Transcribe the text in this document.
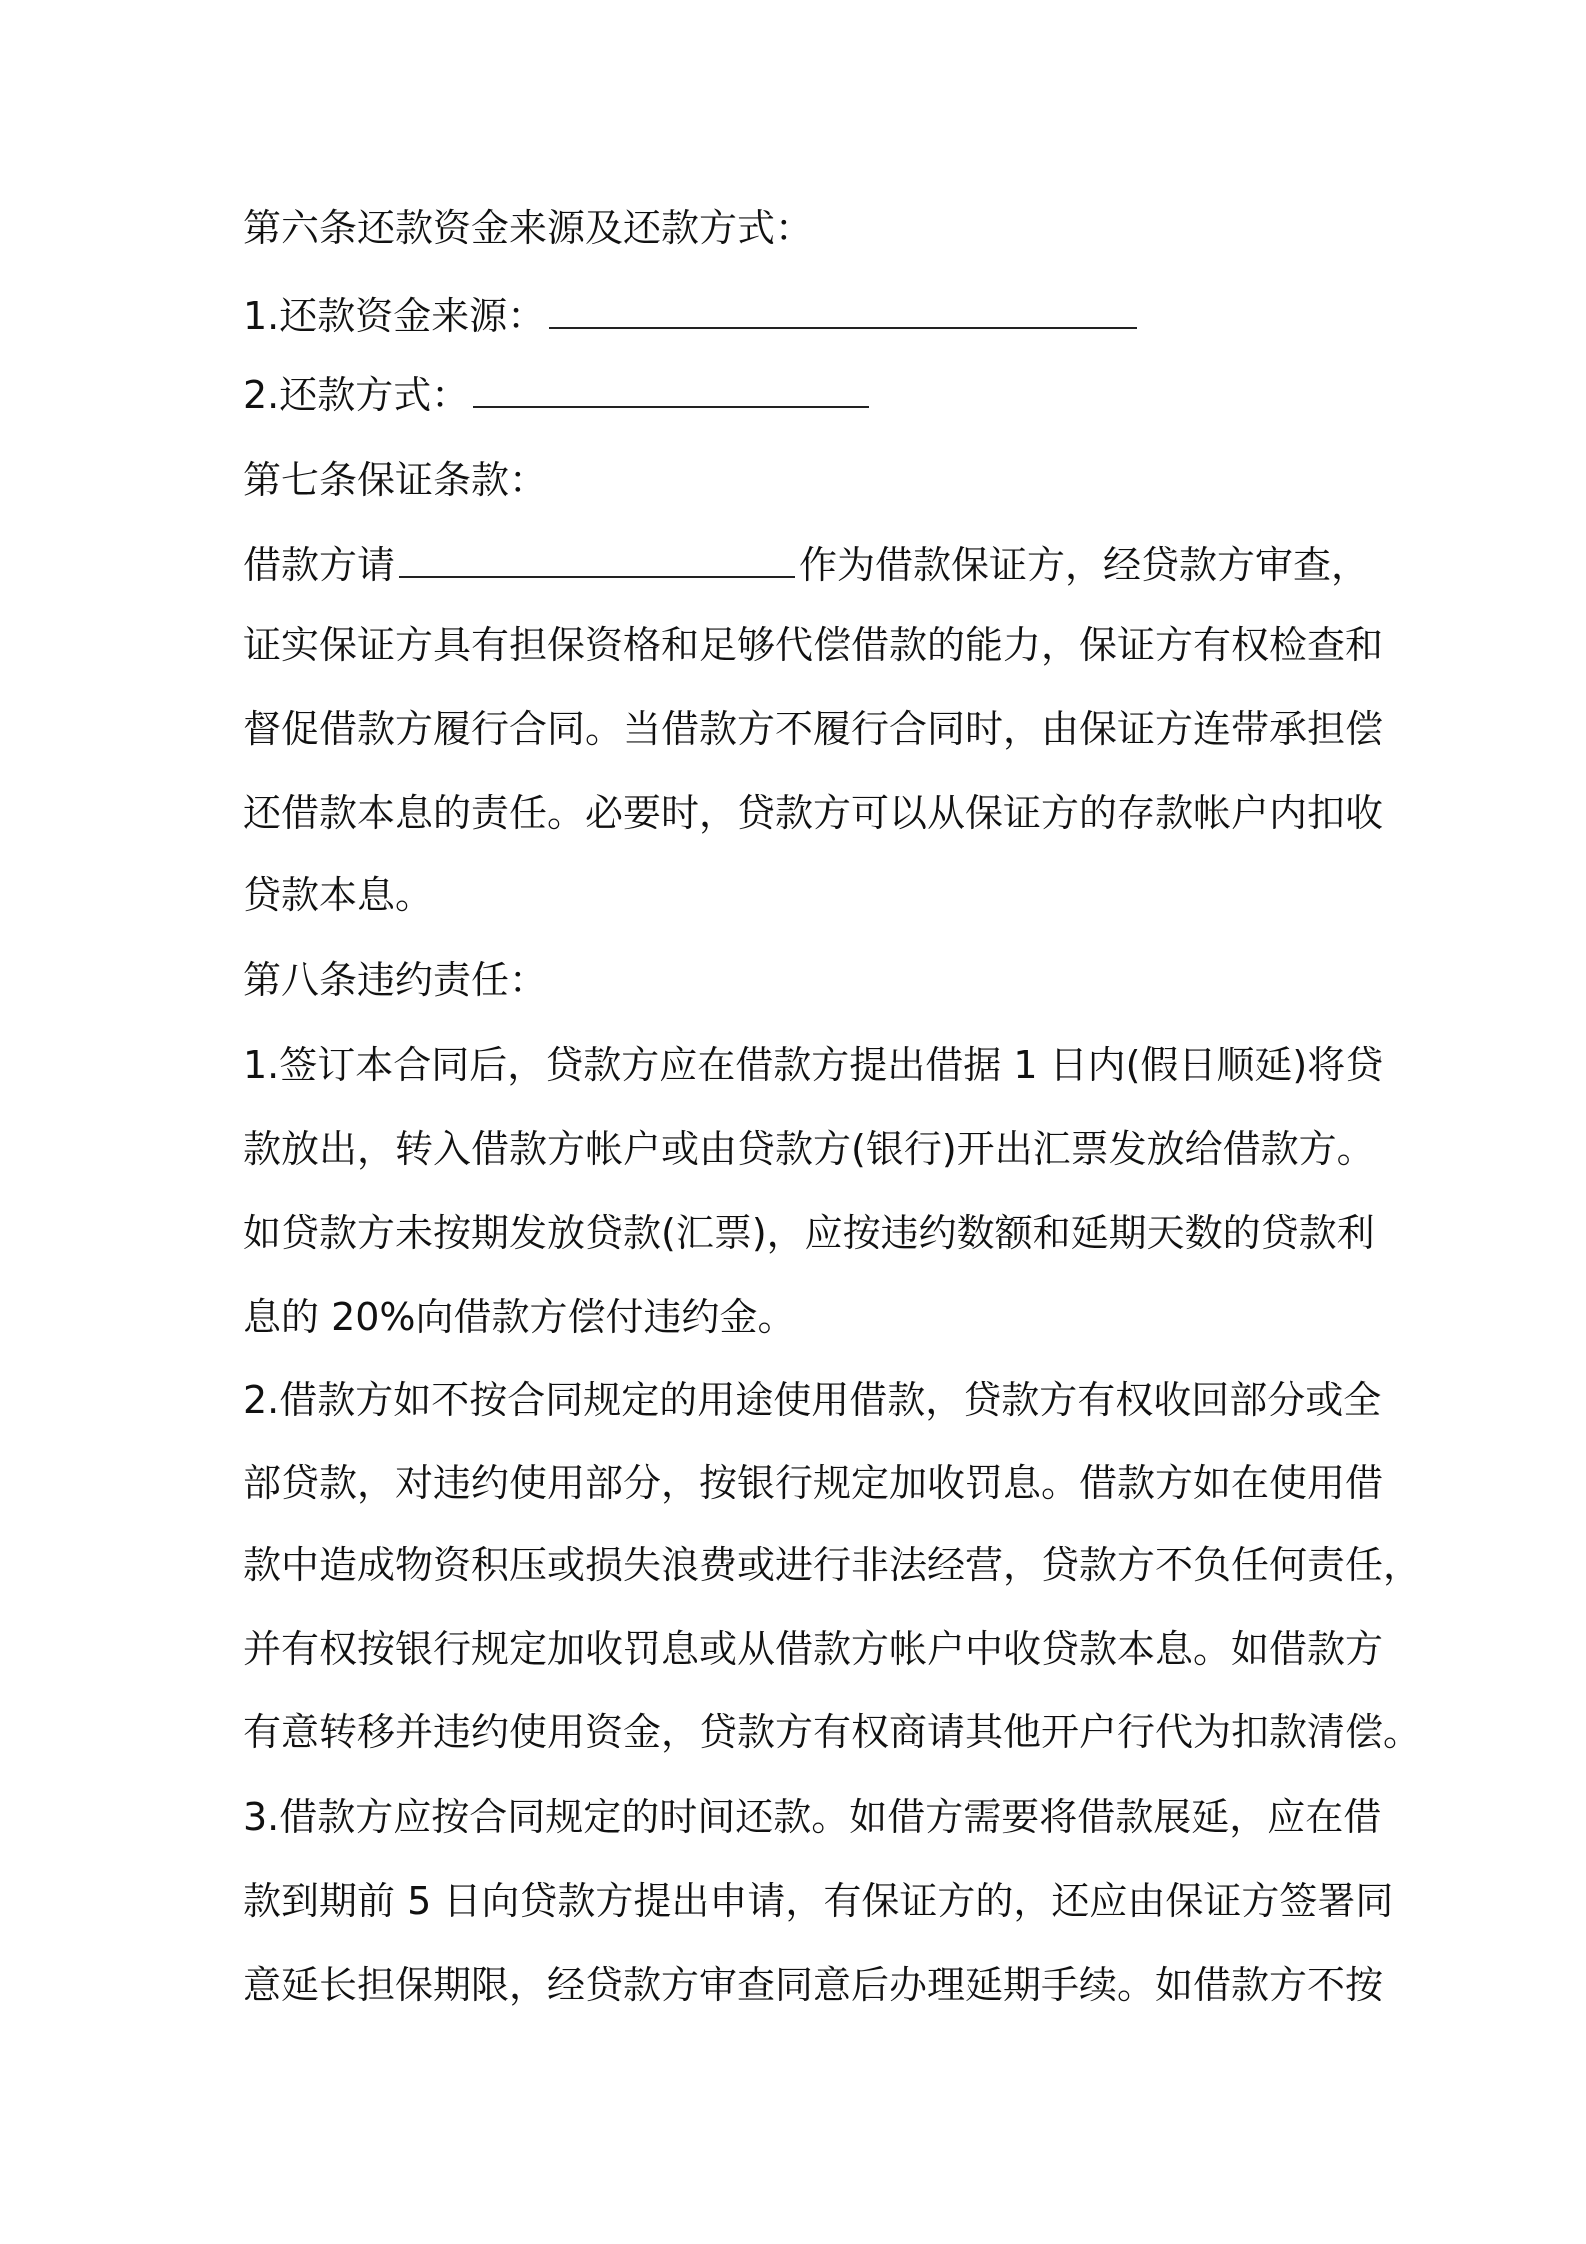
第六条还款资金来源及还款方式：
1.还款资金来源：
2.还款方式：
第七条保证条款：
借款方请	作为借款保证方，经贷款方审查，
证实保证方具有担保资格和足够代偿借款的能力，保证方有权检查和
督促借款方履行合同。当借款方不履行合同时，由保证方连带承担偿
还借款本息的责任。必要时，贷款方可以从保证方的存款帐户内扣收
贷款本息。
第八条违约责任：
1.签订本合同后，贷款方应在借款方提出借据 1 日内(假日顺延)将贷
款放出，转入借款方帐户或由贷款方(银行)开出汇票发放给借款方。
如贷款方未按期发放贷款(汇票)，应按违约数额和延期天数的贷款利
息的 20%向借款方偿付违约金。
2.借款方如不按合同规定的用途使用借款，贷款方有权收回部分或全
部贷款，对违约使用部分，按银行规定加收罚息。借款方如在使用借
款中造成物资积压或损失浪费或进行非法经营，贷款方不负任何责任，
并有权按银行规定加收罚息或从借款方帐户中收贷款本息。如借款方
有意转移并违约使用资金，贷款方有权商请其他开户行代为扣款清偿。
3.借款方应按合同规定的时间还款。如借方需要将借款展延，应在借
款到期前 5 日向贷款方提出申请，有保证方的，还应由保证方签署同
意延长担保期限，经贷款方审查同意后办理延期手续。如借款方不按
